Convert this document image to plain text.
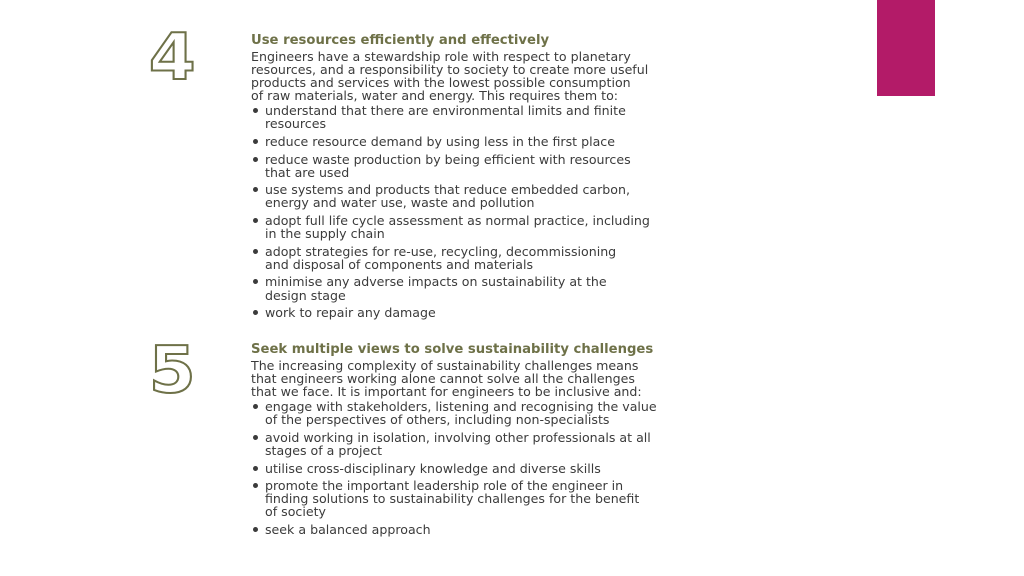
4	Use resources efficiently and effectively
Engineers have a stewardship role with respect to planetary
resources, and a responsibility to society to create more useful
products and services with the lowest possible consumption
of raw materials, water and energy. This requires them to:
understand that there are environmental limits and finite
resources
reduce resource demand by using less in the first place
reduce waste production by being efficient with resources
that are used
use systems and products that reduce embedded carbon,
energy and water use, waste and pollution
adopt full life cycle assessment as normal practice, including
in the supply chain
adopt strategies for re-use, recycling, decommissioning
and disposal of components and materials
minimise any adverse impacts on sustainability at the
design stage
work to repair any damage
5	Seek multiple views to solve sustainability challenges
The increasing complexity of sustainability challenges means
that engineers working alone cannot solve all the challenges
that we face. It is important for engineers to be inclusive and:
engage with stakeholders, listening and recognising the value
of the perspectives of others, including non-specialists
avoid working in isolation, involving other professionals at all
stages of a project
utilise cross-disciplinary knowledge and diverse skills
promote the important leadership role of the engineer in
finding solutions to sustainability challenges for the benefit
of society
seek a balanced approach
